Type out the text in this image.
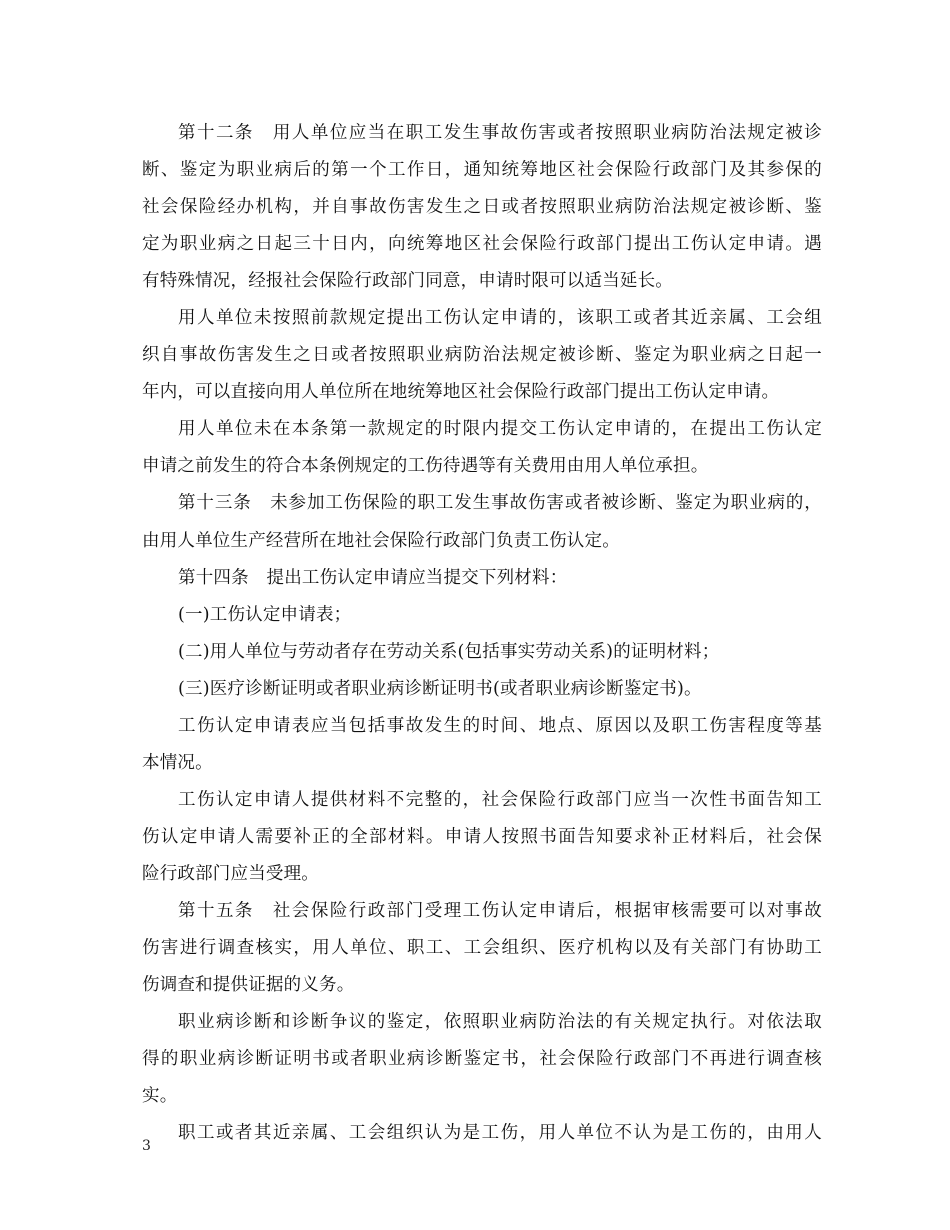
第十二条　用人单位应当在职工发生事故伤害或者按照职业病防治法规定被诊
断、鉴定为职业病后的第一个工作日，通知统筹地区社会保险行政部门及其参保的
社会保险经办机构，并自事故伤害发生之日或者按照职业病防治法规定被诊断、鉴
定为职业病之日起三十日内，向统筹地区社会保险行政部门提出工伤认定申请。遇
有特殊情况，经报社会保险行政部门同意，申请时限可以适当延长。
用人单位未按照前款规定提出工伤认定申请的，该职工或者其近亲属、工会组
织自事故伤害发生之日或者按照职业病防治法规定被诊断、鉴定为职业病之日起一
年内，可以直接向用人单位所在地统筹地区社会保险行政部门提出工伤认定申请。
用人单位未在本条第一款规定的时限内提交工伤认定申请的，在提出工伤认定
申请之前发生的符合本条例规定的工伤待遇等有关费用由用人单位承担。
第十三条　未参加工伤保险的职工发生事故伤害或者被诊断、鉴定为职业病的，
由用人单位生产经营所在地社会保险行政部门负责工伤认定。
第十四条　提出工伤认定申请应当提交下列材料：
(一)工伤认定申请表；
(二)用人单位与劳动者存在劳动关系(包括事实劳动关系)的证明材料；
(三)医疗诊断证明或者职业病诊断证明书(或者职业病诊断鉴定书)。
工伤认定申请表应当包括事故发生的时间、地点、原因以及职工伤害程度等基
本情况。
工伤认定申请人提供材料不完整的，社会保险行政部门应当一次性书面告知工
伤认定申请人需要补正的全部材料。申请人按照书面告知要求补正材料后，社会保
险行政部门应当受理。
第十五条　社会保险行政部门受理工伤认定申请后，根据审核需要可以对事故
伤害进行调查核实，用人单位、职工、工会组织、医疗机构以及有关部门有协助工
伤调查和提供证据的义务。
职业病诊断和诊断争议的鉴定，依照职业病防治法的有关规定执行。对依法取
得的职业病诊断证明书或者职业病诊断鉴定书，社会保险行政部门不再进行调查核
实。
职工或者其近亲属、工会组织认为是工伤，用人单位不认为是工伤的，由用人
3
